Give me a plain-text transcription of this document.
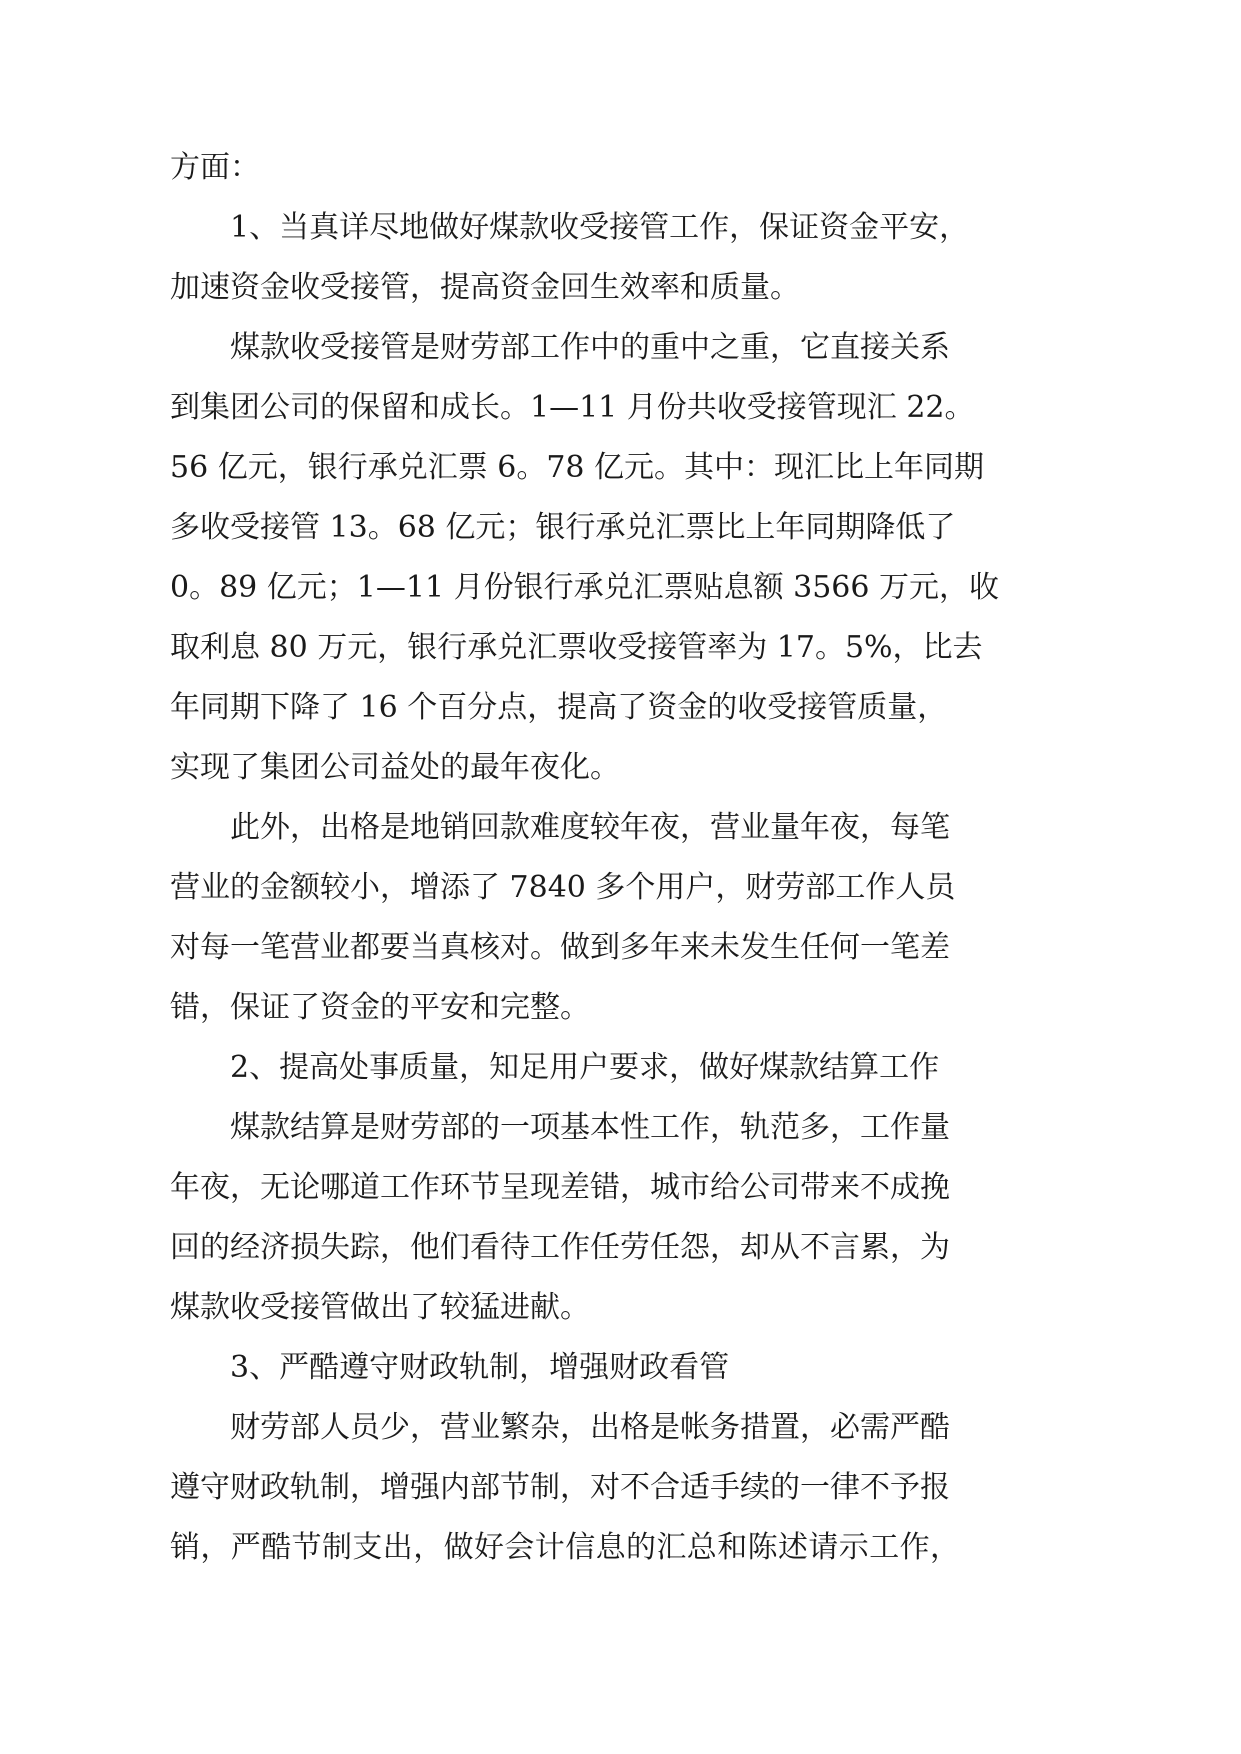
方面：
1、当真详尽地做好煤款收受接管工作，保证资金平安，
加速资金收受接管，提高资金回生效率和质量。
煤款收受接管是财劳部工作中的重中之重，它直接关系
到集团公司的保留和成长。1—11 月份共收受接管现汇 22。
56 亿元，银行承兑汇票 6。78 亿元。其中：现汇比上年同期
多收受接管 13。68 亿元；银行承兑汇票比上年同期降低了
0。89 亿元；1—11 月份银行承兑汇票贴息额 3566 万元，收
取利息 80 万元，银行承兑汇票收受接管率为 17。5%，比去
年同期下降了 16 个百分点，提高了资金的收受接管质量，
实现了集团公司益处的最年夜化。
此外，出格是地销回款难度较年夜，营业量年夜，每笔
营业的金额较小，增添了 7840 多个用户，财劳部工作人员
对每一笔营业都要当真核对。做到多年来未发生任何一笔差
错，保证了资金的平安和完整。
2、提高处事质量，知足用户要求，做好煤款结算工作
煤款结算是财劳部的一项基本性工作，轨范多，工作量
年夜，无论哪道工作环节呈现差错，城市给公司带来不成挽
回的经济损失踪，他们看待工作任劳任怨，却从不言累，为
煤款收受接管做出了较猛进献。
3、严酷遵守财政轨制，增强财政看管
财劳部人员少，营业繁杂，出格是帐务措置，必需严酷
遵守财政轨制，增强内部节制，对不合适手续的一律不予报
销，严酷节制支出，做好会计信息的汇总和陈述请示工作，
